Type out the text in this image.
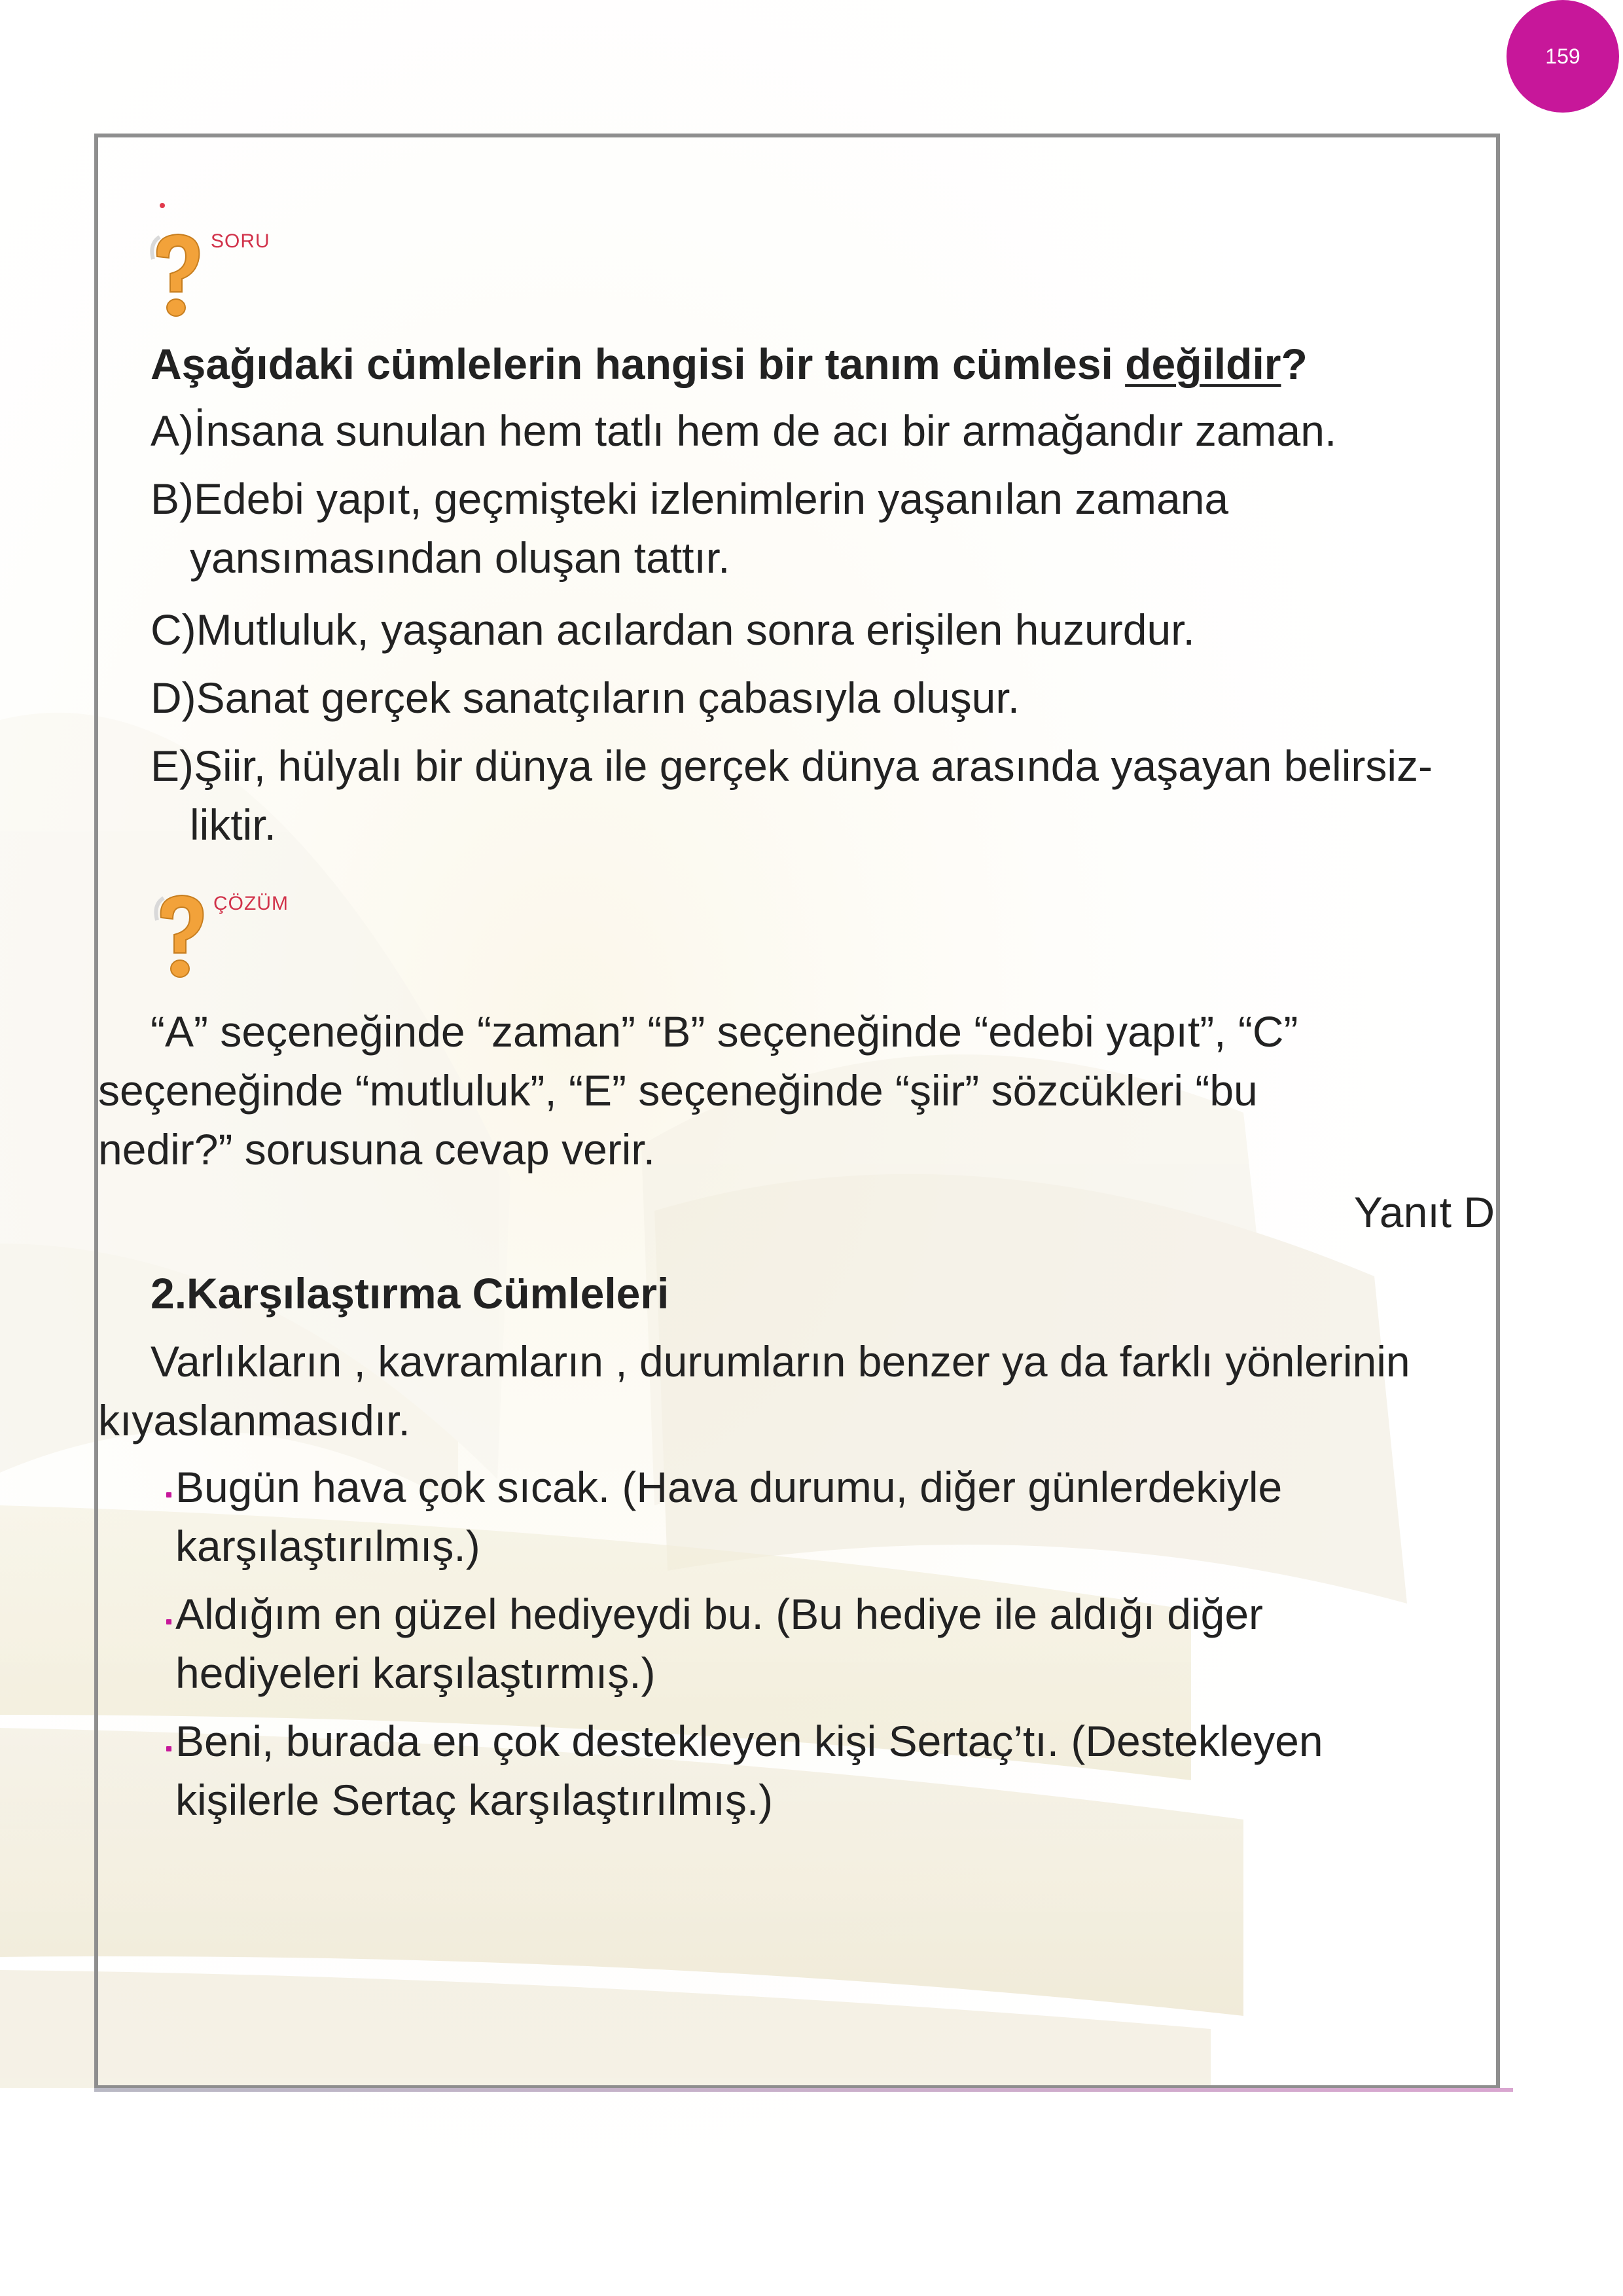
159
SORU
Aşağıdaki cümlelerin hangisi bir tanım cümlesi değildir?
A)İnsana sunulan hem tatlı hem de acı bir armağandır zaman.
B)Edebi yapıt, geçmişteki izlenimlerin yaşanılan zamana
yansımasından oluşan tattır.
C)Mutluluk, yaşanan acılardan sonra erişilen huzurdur.
D)Sanat gerçek sanatçıların çabasıyla oluşur.
E)Şiir, hülyalı bir dünya ile gerçek dünya arasında yaşayan belirsiz-
liktir.
ÇÖZÜM
“A” seçeneğinde “zaman” “B” seçeneğinde “edebi yapıt”, “C”
seçeneğinde “mutluluk”, “E” seçeneğinde “şiir” sözcükleri “bu
nedir?” sorusuna cevap verir.
Yanıt D
2.Karşılaştırma Cümleleri
Varlıkların , kavramların , durumların benzer ya da farklı yönlerinin
kıyaslanmasıdır.
Bugün hava çok sıcak. (Hava durumu, diğer günlerdekiyle
karşılaştırılmış.)
Aldığım en güzel hediyeydi bu. (Bu hediye ile aldığı diğer
hediyeleri karşılaştırmış.)
Beni, burada en çok destekleyen kişi Sertaç’tı. (Destekleyen
kişilerle Sertaç karşılaştırılmış.)
